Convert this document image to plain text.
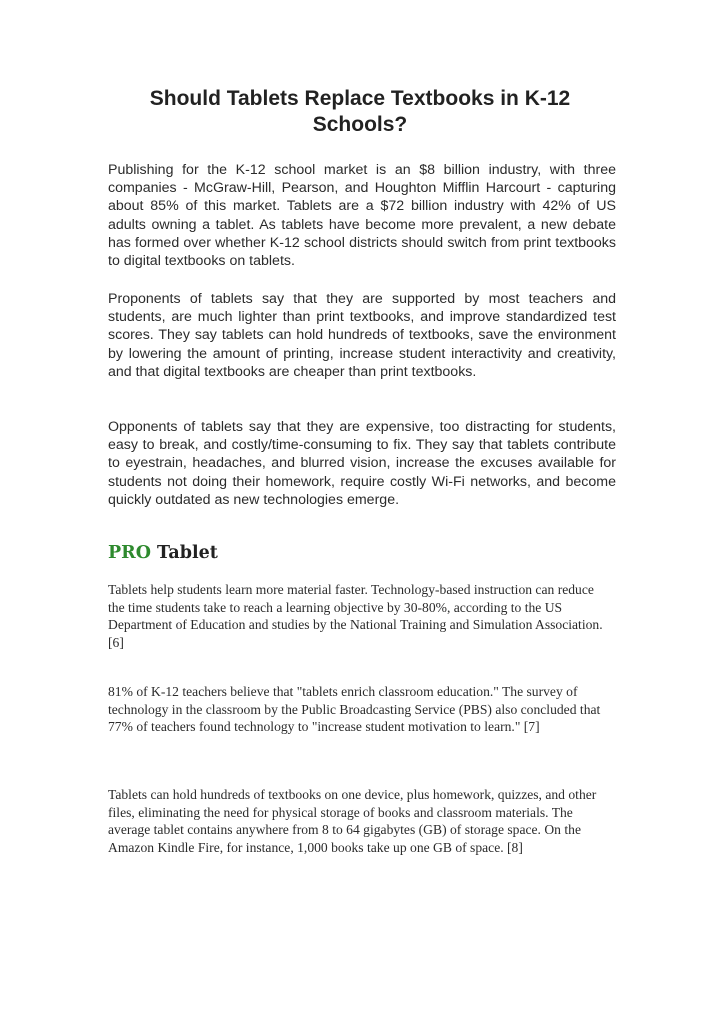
Should Tablets Replace Textbooks in K-12 Schools?

Publishing for the K-12 school market is an $8 billion industry, with three companies - McGraw-Hill, Pearson, and Houghton Mifflin Harcourt - capturing about 85% of this market. Tablets are a $72 billion industry with 42% of US adults owning a tablet. As tablets have become more prevalent, a new debate has formed over whether K-12 school districts should switch from print textbooks to digital textbooks on tablets.

Proponents of tablets say that they are supported by most teachers and students, are much lighter than print textbooks, and improve standardized test scores. They say tablets can hold hundreds of textbooks, save the environment by lowering the amount of printing, increase student interactivity and creativity, and that digital textbooks are cheaper than print textbooks.

Opponents of tablets say that they are expensive, too distracting for students, easy to break, and costly/time-consuming to fix. They say that tablets contribute to eyestrain, headaches, and blurred vision, increase the excuses available for students not doing their homework, require costly Wi-Fi networks, and become quickly outdated as new technologies emerge.

PRO Tablet

Tablets help students learn more material faster. Technology-based instruction can reduce the time students take to reach a learning objective by 30-80%, according to the US Department of Education and studies by the National Training and Simulation Association. [6]

81% of K-12 teachers believe that "tablets enrich classroom education." The survey of technology in the classroom by the Public Broadcasting Service (PBS) also concluded that 77% of teachers found technology to "increase student motivation to learn." [7]

Tablets can hold hundreds of textbooks on one device, plus homework, quizzes, and other files, eliminating the need for physical storage of books and classroom materials. The average tablet contains anywhere from 8 to 64 gigabytes (GB) of storage space. On the Amazon Kindle Fire, for instance, 1,000 books take up one GB of space. [8]
